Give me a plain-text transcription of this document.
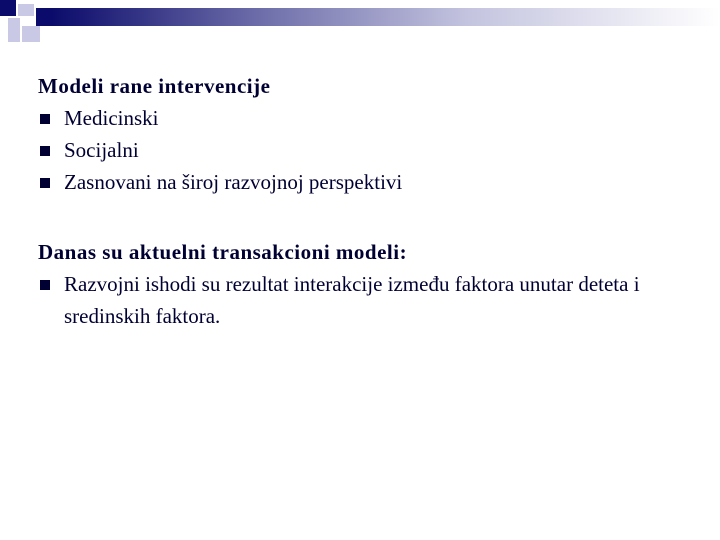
Modeli rane intervencije
Medicinski
Socijalni
Zasnovani na široj razvojnoj perspektivi
Danas su aktuelni transakcioni modeli:
Razvojni ishodi su rezultat interakcije između faktora unutar deteta i sredinskih faktora.
